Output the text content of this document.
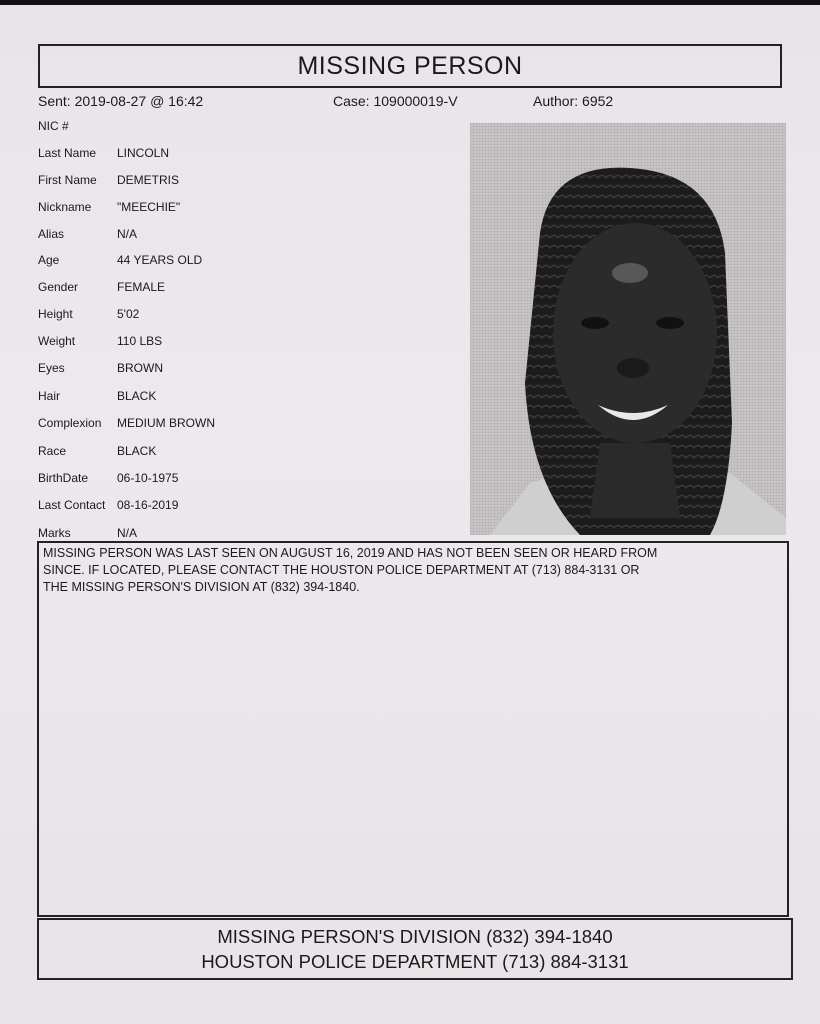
MISSING PERSON
Sent: 2019-08-27 @ 16:42	Case: 109000019-V	Author: 6952
NIC #
Last Name LINCOLN
First Name DEMETRIS
Nickname "MEECHIE"
Alias	N/A
Age	44 YEARS OLD
Gender	FEMALE
Height	5'02
Weight	110 LBS
Eyes	BROWN
Hair	BLACK
Complexion MEDIUM BROWN
Race	BLACK
BirthDate 06-10-1975
Last Contact 08-16-2019
Marks	N/A

MISSING PERSON WAS LAST SEEN ON AUGUST 16, 2019 AND HAS NOT BEEN SEEN OR HEARD FROM

SINCE. IF LOCATED, PLEASE CONTACT THE HOUSTON POLICE DEPARTMENT AT (713) 884-3131 OR

THE MISSING PERSON'S DIVISION AT (832) 394-1840.

MISSING PERSON'S DIVISION (832) 394-1840
HOUSTON POLICE DEPARTMENT (713) 884-3131
